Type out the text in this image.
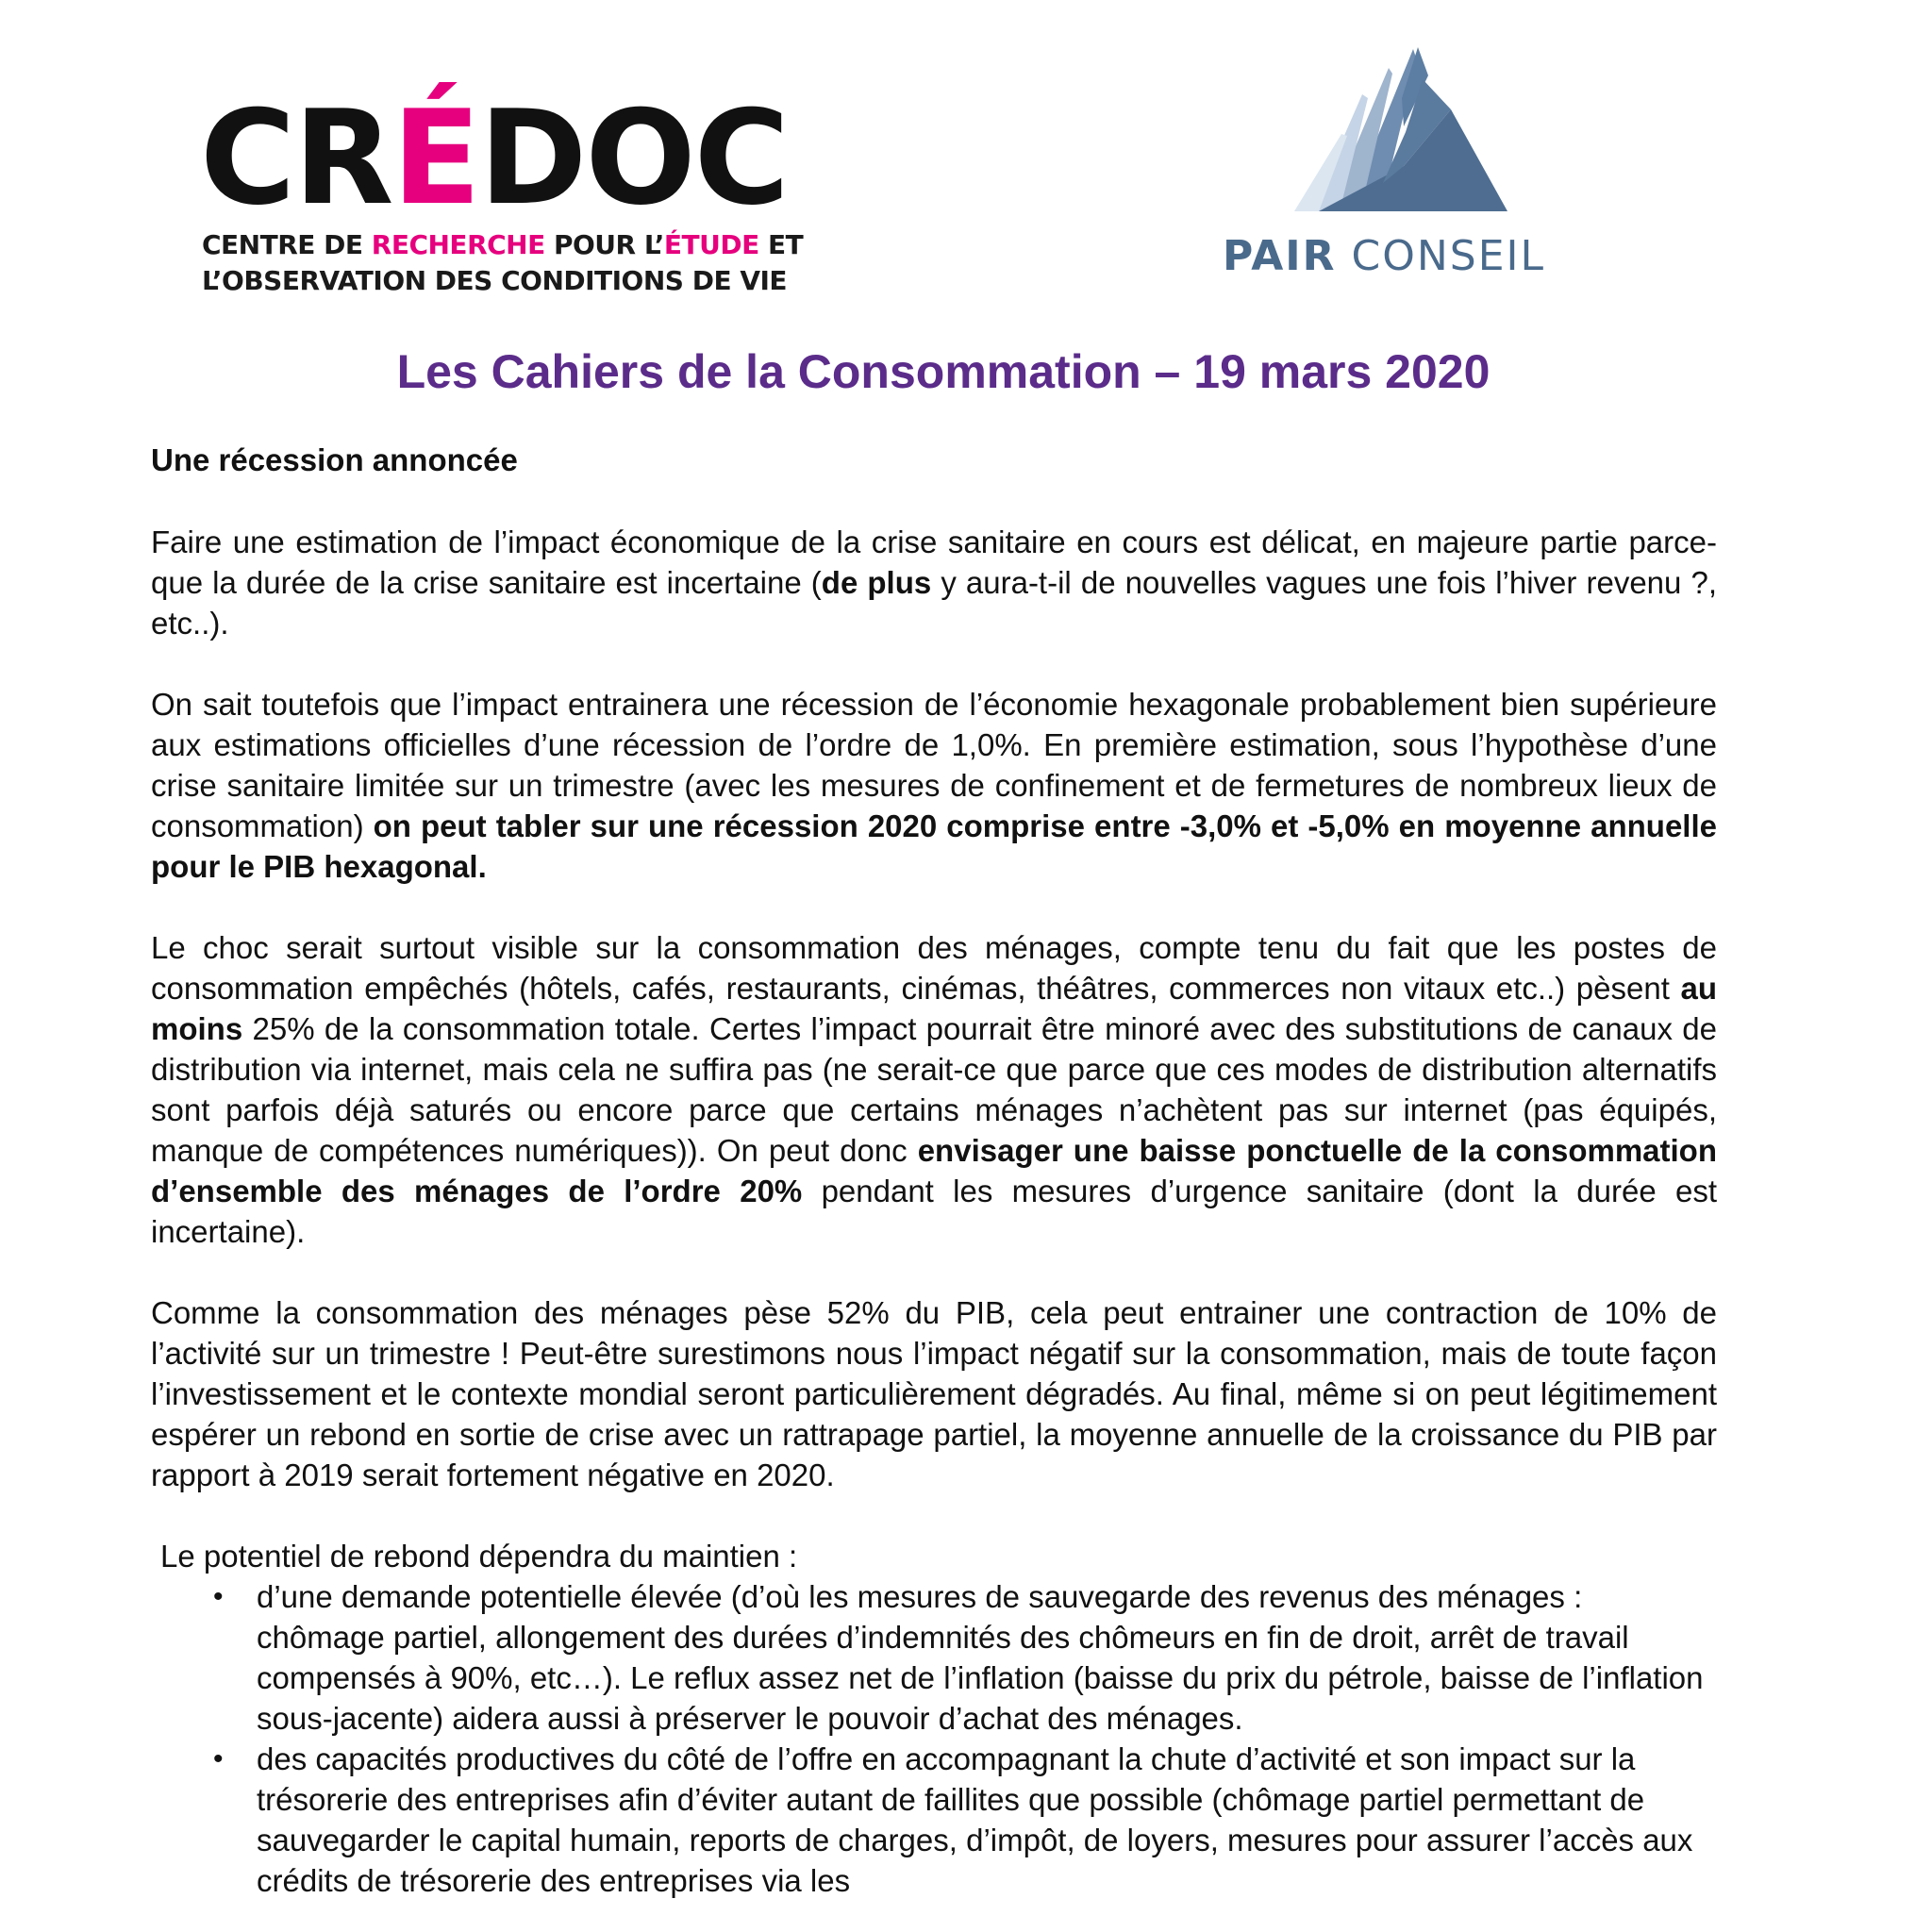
CRÉDOC

CENTRE DE RECHERCHE POUR L’ÉTUDE ET

L’OBSERVATION DES CONDITIONS DE VIE

PAIR CONSEIL

Les Cahiers de la Consommation – 19 mars 2020

Une récession annoncée

Faire une estimation de l’impact économique de la crise sanitaire en cours est délicat, en majeure partie parce-que la durée de la crise sanitaire est incertaine (de plus y aura-t-il de nouvelles vagues une fois l’hiver revenu ?, etc..).

On sait toutefois que l’impact entrainera une récession de l’économie hexagonale probablement bien supérieure aux estimations officielles d’une récession de l’ordre de 1,0%. En première estimation, sous l’hypothèse d’une crise sanitaire limitée sur un trimestre (avec les mesures de confinement et de fermetures de nombreux lieux de consommation) on peut tabler sur une récession 2020 comprise entre -3,0% et -5,0% en moyenne annuelle pour le PIB hexagonal.

Le choc serait surtout visible sur la consommation des ménages, compte tenu du fait que les postes de consommation empêchés (hôtels, cafés, restaurants, cinémas, théâtres, commerces non vitaux etc..) pèsent au moins 25% de la consommation totale. Certes l’impact pourrait être minoré avec des substitutions de canaux de distribution via internet, mais cela ne suffira pas (ne serait-ce que parce que ces modes de distribution alternatifs sont parfois déjà saturés ou encore parce que certains ménages n’achètent pas sur internet (pas équipés, manque de compétences numériques)). On peut donc envisager une baisse ponctuelle de la consommation d’ensemble des ménages de l’ordre 20% pendant les mesures d’urgence sanitaire (dont la durée est incertaine).

Comme la consommation des ménages pèse 52% du PIB, cela peut entrainer une contraction de 10% de l’activité sur un trimestre ! Peut-être surestimons nous l’impact négatif sur la consommation, mais de toute façon l’investissement et le contexte mondial seront particulièrement dégradés. Au final, même si on peut légitimement espérer un rebond en sortie de crise avec un rattrapage partiel, la moyenne annuelle de la croissance du PIB par rapport à 2019 serait fortement négative en 2020.

Le potentiel de rebond dépendra du maintien :

• d’une demande potentielle élevée (d’où les mesures de sauvegarde des revenus des ménages : chômage partiel, allongement des durées d’indemnités des chômeurs en fin de droit, arrêt de travail compensés à 90%, etc…). Le reflux assez net de l’inflation (baisse du prix du pétrole, baisse de l’inflation sous-jacente) aidera aussi à préserver le pouvoir d’achat des ménages.
• des capacités productives du côté de l’offre en accompagnant la chute d’activité et son impact sur la trésorerie des entreprises afin d’éviter autant de faillites que possible (chômage partiel permettant de sauvegarder le capital humain, reports de charges, d’impôt, de loyers, mesures pour assurer l’accès aux crédits de trésorerie des entreprises via les
